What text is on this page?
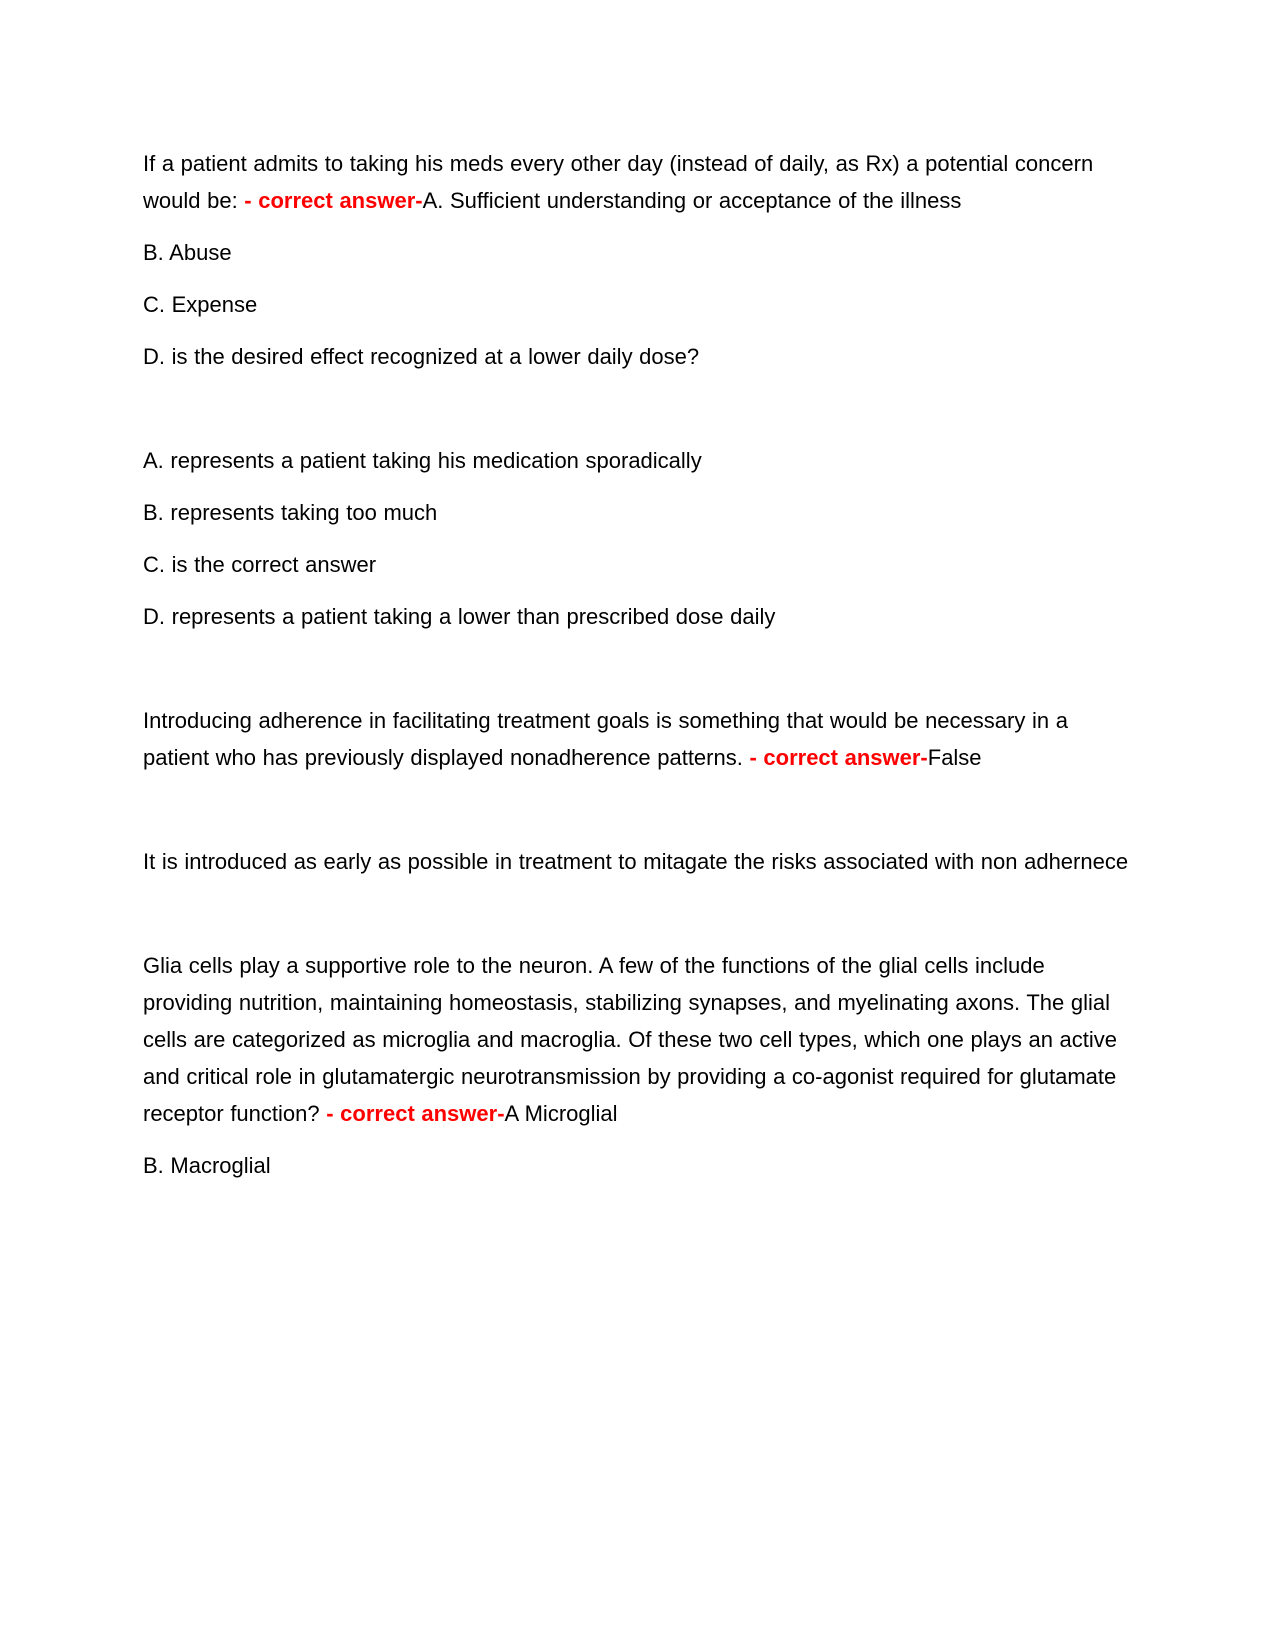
If a patient admits to taking his meds every other day (instead of daily, as Rx) a potential concern would be: - correct answer-A. Sufficient understanding or acceptance of the illness

B. Abuse

C. Expense

D. is the desired effect recognized at a lower daily dose?

A. represents a patient taking his medication sporadically

B. represents taking too much

C. is the correct answer

D. represents a patient taking a lower than prescribed dose daily

Introducing adherence in facilitating treatment goals is something that would be necessary in a patient who has previously displayed nonadherence patterns. - correct answer-False

It is introduced as early as possible in treatment to mitagate the risks associated with non adhernece

Glia cells play a supportive role to the neuron. A few of the functions of the glial cells include providing nutrition, maintaining homeostasis, stabilizing synapses, and myelinating axons. The glial cells are categorized as microglia and macroglia. Of these two cell types, which one plays an active and critical role in glutamatergic neurotransmission by providing a co-agonist required for glutamate receptor function? - correct answer-A Microglial

B. Macroglial
